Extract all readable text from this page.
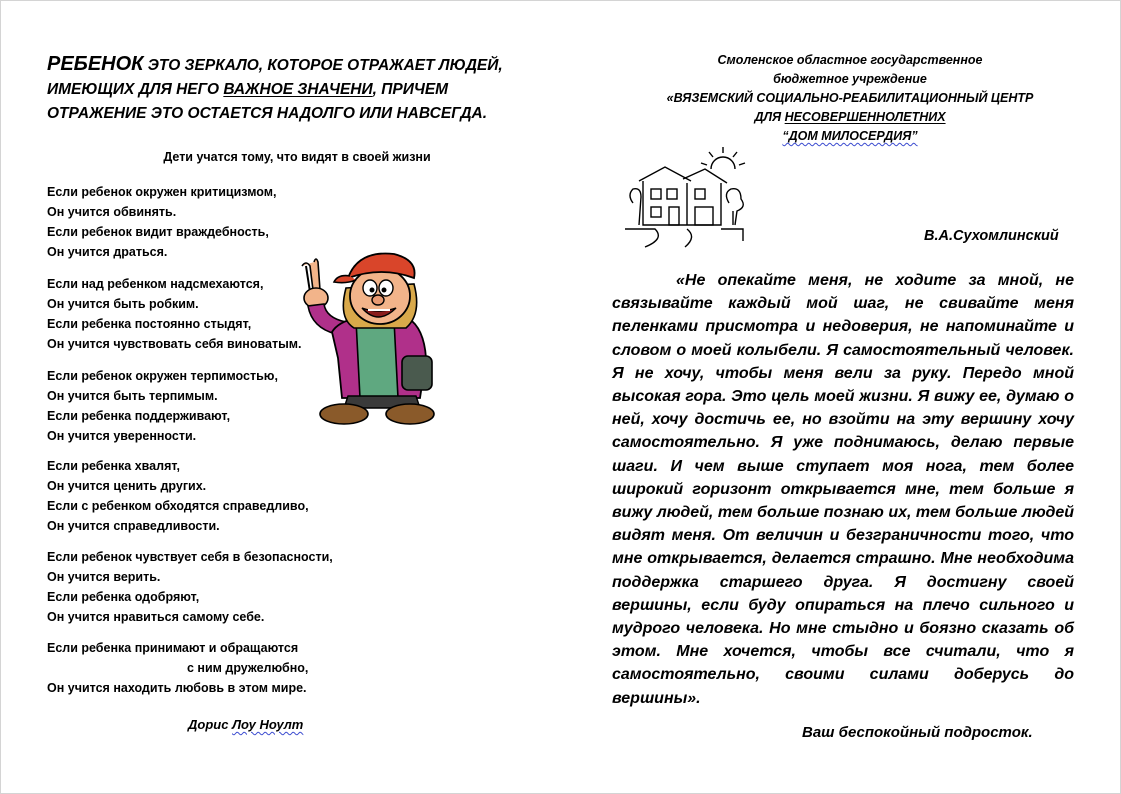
РЕБЕНОК ЭТО ЗЕРКАЛО, КОТОРОЕ ОТРАЖАЕТ ЛЮДЕЙ,
ИМЕЮЩИХ ДЛЯ НЕГО ВАЖНОЕ ЗНАЧЕНИ, ПРИЧЕМ
ОТРАЖЕНИЕ ЭТО ОСТАЕТСЯ НАДОЛГО ИЛИ НАВСЕГДА.
Дети учатся тому, что видят в своей жизни
Если ребенок окружен критицизмом,
Он учится обвинять.
Если ребенок видит враждебность,
Он учится драться.
Если над ребенком надсмехаются,
Он учится быть робким.
Если ребенка постоянно стыдят,
Он учится чувствовать себя виноватым.
Если ребенок окружен терпимостью,
Он учится быть терпимым.
Если ребенка поддерживают,
Он учится уверенности.
Если ребенка хвалят,
Он учится ценить других.
Если с ребенком обходятся справедливо,
Он учится справедливости.
Если ребенок чувствует себя в безопасности,
Он учится верить.
Если ребенка одобряют,
Он учится нравиться самому себе.
Если ребенка принимают и обращаются
с ним дружелюбно,
Он учится находить любовь в этом мире.
Дорис Лоу Ноулт
Смоленское областное государственное
бюджетное учреждение
«ВЯЗЕМСКИЙ СОЦИАЛЬНО-РЕАБИЛИТАЦИОННЫЙ ЦЕНТР
ДЛЯ НЕСОВЕРШЕННОЛЕТНИХ
“ДОМ МИЛОСЕРДИЯ”
В.А.Сухомлинский
«Не опекайте меня, не ходите за мной, не связывайте каждый мой шаг, не свивайте меня пеленками присмотра и недоверия, не напоминайте и словом о моей колыбели. Я самостоятельный человек. Я не хочу, чтобы меня вели за руку. Передо мной высокая гора. Это цель моей жизни. Я вижу ее, думаю о ней, хочу достичь ее, но взойти на эту вершину хочу самостоятельно. Я уже поднимаюсь, делаю первые шаги. И чем выше ступает моя нога, тем более широкий горизонт открывается мне, тем больше я вижу людей, тем больше познаю их, тем больше людей видят меня. От величин и безграничности того, что мне открывается, делается страшно. Мне необходима поддержка старшего друга. Я достигну своей вершины, если буду опираться на плечо сильного и мудрого человека. Но мне стыдно и боязно сказать об этом. Мне хочется, чтобы все считали, что я самостоятельно, своими силами доберусь до вершины».
Ваш беспокойный подросток.
